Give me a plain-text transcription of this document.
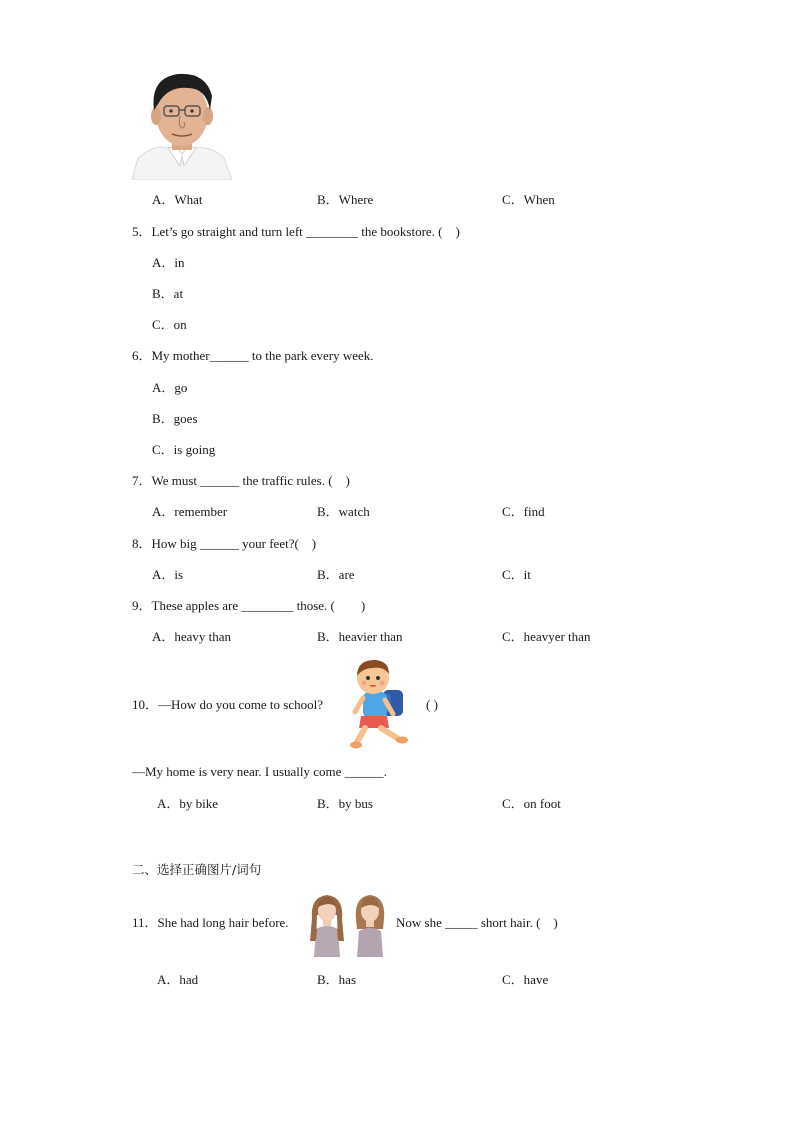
A．What	B．Where	C．When
5．Let’s go straight and turn left ________ the bookstore. (　)
A．in
B．at
C．on
6．My mother______ to the park every week.
A．go
B．goes
C．is going
7．We must ______ the traffic rules. (　)
A．remember	B．watch	C．find
8．How big ______ your feet?(　)
A．is	B．are	C．it
9．These apples are ________ those. (　　)
A．heavy than	B．heavier than	C．heavyer than
10．—How do you come to school?	( )
—My home is very near. I usually come ______.
A．by bike	B．by bus	C．on foot
二、选择正确图片/词句
11．She had long hair before.	Now she _____ short hair. (　)
A．had	B．has	C．have
